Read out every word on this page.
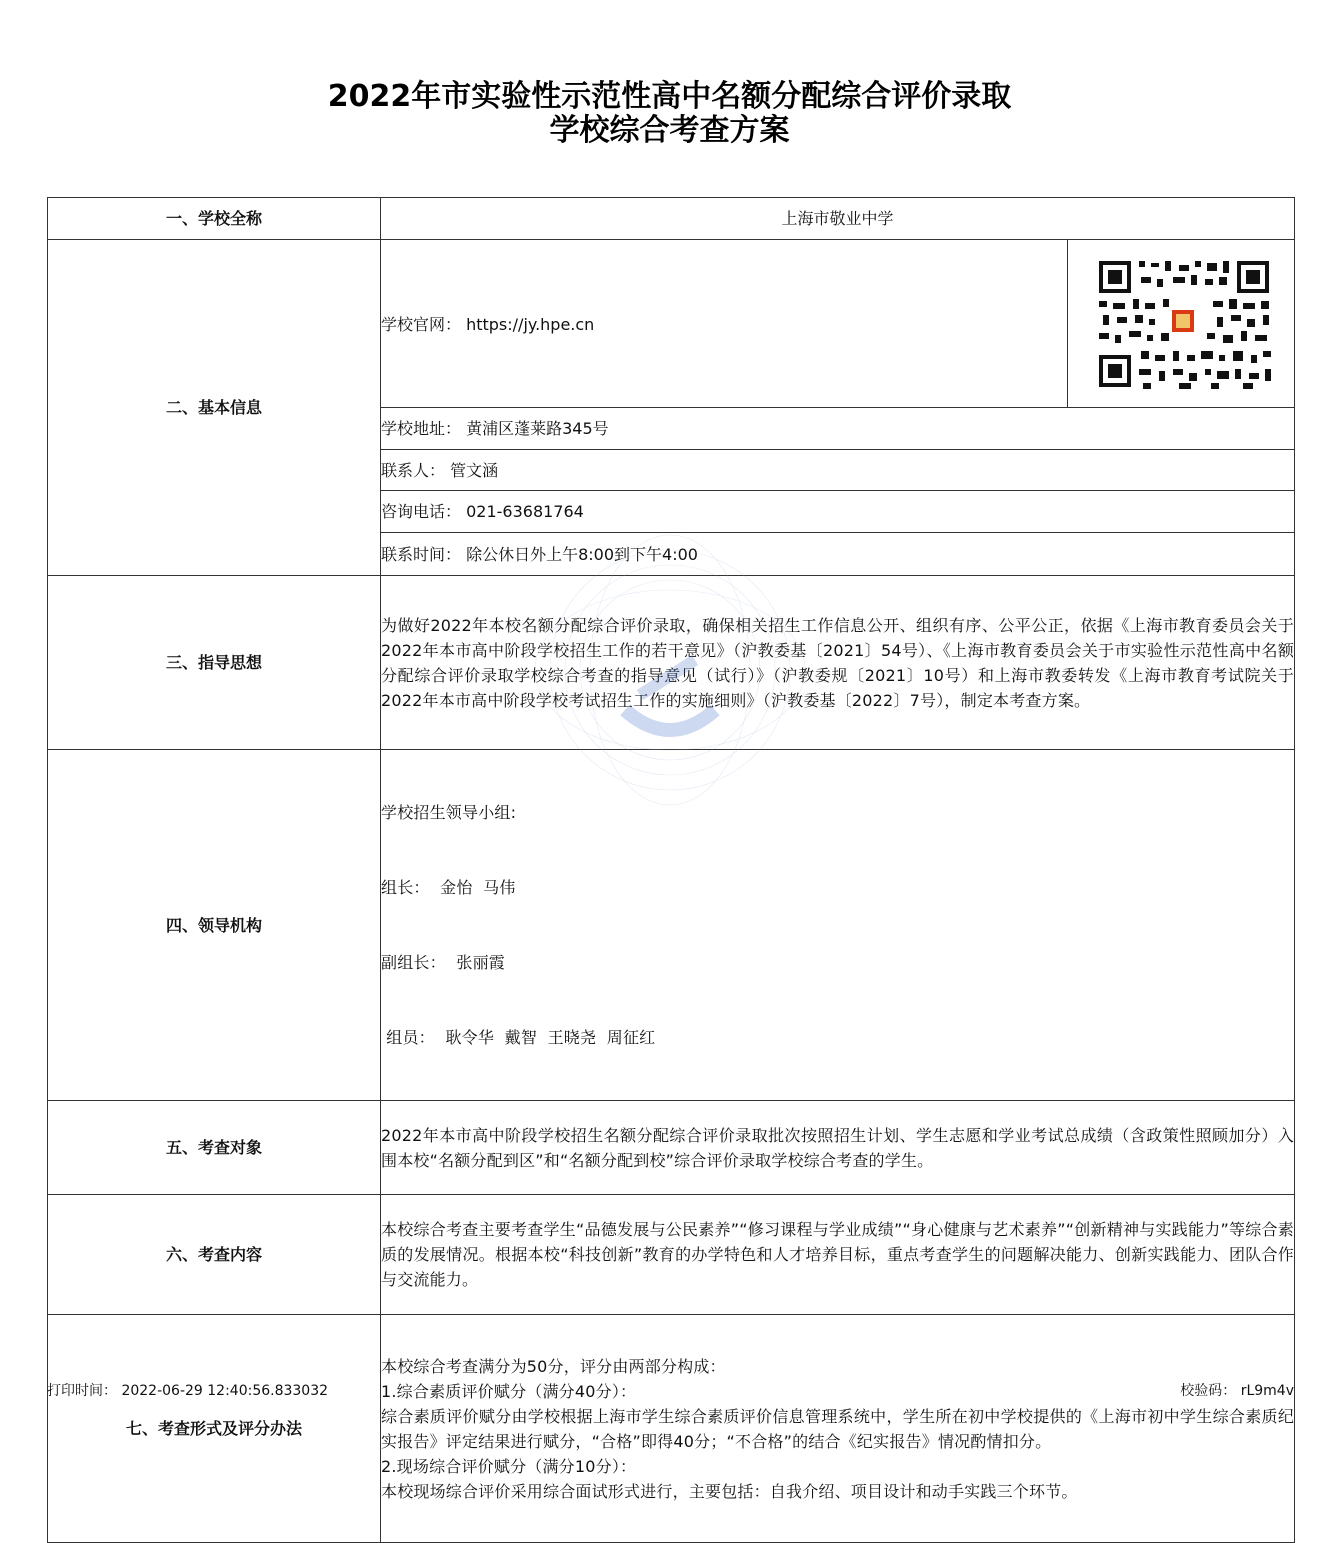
2022年市实验性示范性高中名额分配综合评价录取
学校综合考查方案
一、学校全称	上海市敬业中学	
二、基本信息	学校官网： https://jy.hpe.cn	

	学校地址： 黄浦区蓬莱路345号	
	联系人： 管文涵	
	咨询电话： 021-63681764	
	联系时间： 除公休日外上午8:00到下午4:00	
三、指导思想	为做好2022年本校名额分配综合评价录取，确保相关招生工作信息公开、组织有序、公平公正，依据《上海市教育委员会关于2022年本市高中阶段学校招生工作的若干意见》（沪教委基〔2021〕54号）、《上海市教育委员会关于市实验性示范性高中名额分配综合评价录取学校综合考查的指导意见（试行）》（沪教委规〔2021〕10号）和上海市教委转发《上海市教育考试院关于2022年本市高中阶段学校考试招生工作的实施细则》（沪教委基〔2022〕7号），制定本考查方案。	
四、领导机构	学校招生领导小组:

组长：  金怡  马伟

副组长：  张丽霞

组员：  耿令华  戴智  王晓尧  周征红	

五、考查对象	2022年本市高中阶段学校招生名额分配综合评价录取批次按照招生计划、学生志愿和学业考试总成绩（含政策性照顾加分）入围本校“名额分配到区”和“名额分配到校”综合评价录取学校综合考查的学生。	
六、考查内容	本校综合考查主要考查学生“品德发展与公民素养”“修习课程与学业成绩”“身心健康与艺术素养”“创新精神与实践能力”等综合素质的发展情况。根据本校“科技创新”教育的办学特色和人才培养目标，重点考查学生的问题解决能力、创新实践能力、团队合作与交流能力。	
七、考查形式及评分办法	本校综合考查满分为50分，评分由两部分构成：
1.综合素质评价赋分（满分40分）：
综合素质评价赋分由学校根据上海市学生综合素质评价信息管理系统中，学生所在初中学校提供的《上海市初中学生综合素质纪实报告》评定结果进行赋分，“合格”即得40分；“不合格”的结合《纪实报告》情况酌情扣分。
2.现场综合评价赋分（满分10分）：
本校现场综合评价采用综合面试形式进行，主要包括：自我介绍、项目设计和动手实践三个环节。	
打印时间： 2022-06-29 12:40:56.833032	校验码： rL9m4v
